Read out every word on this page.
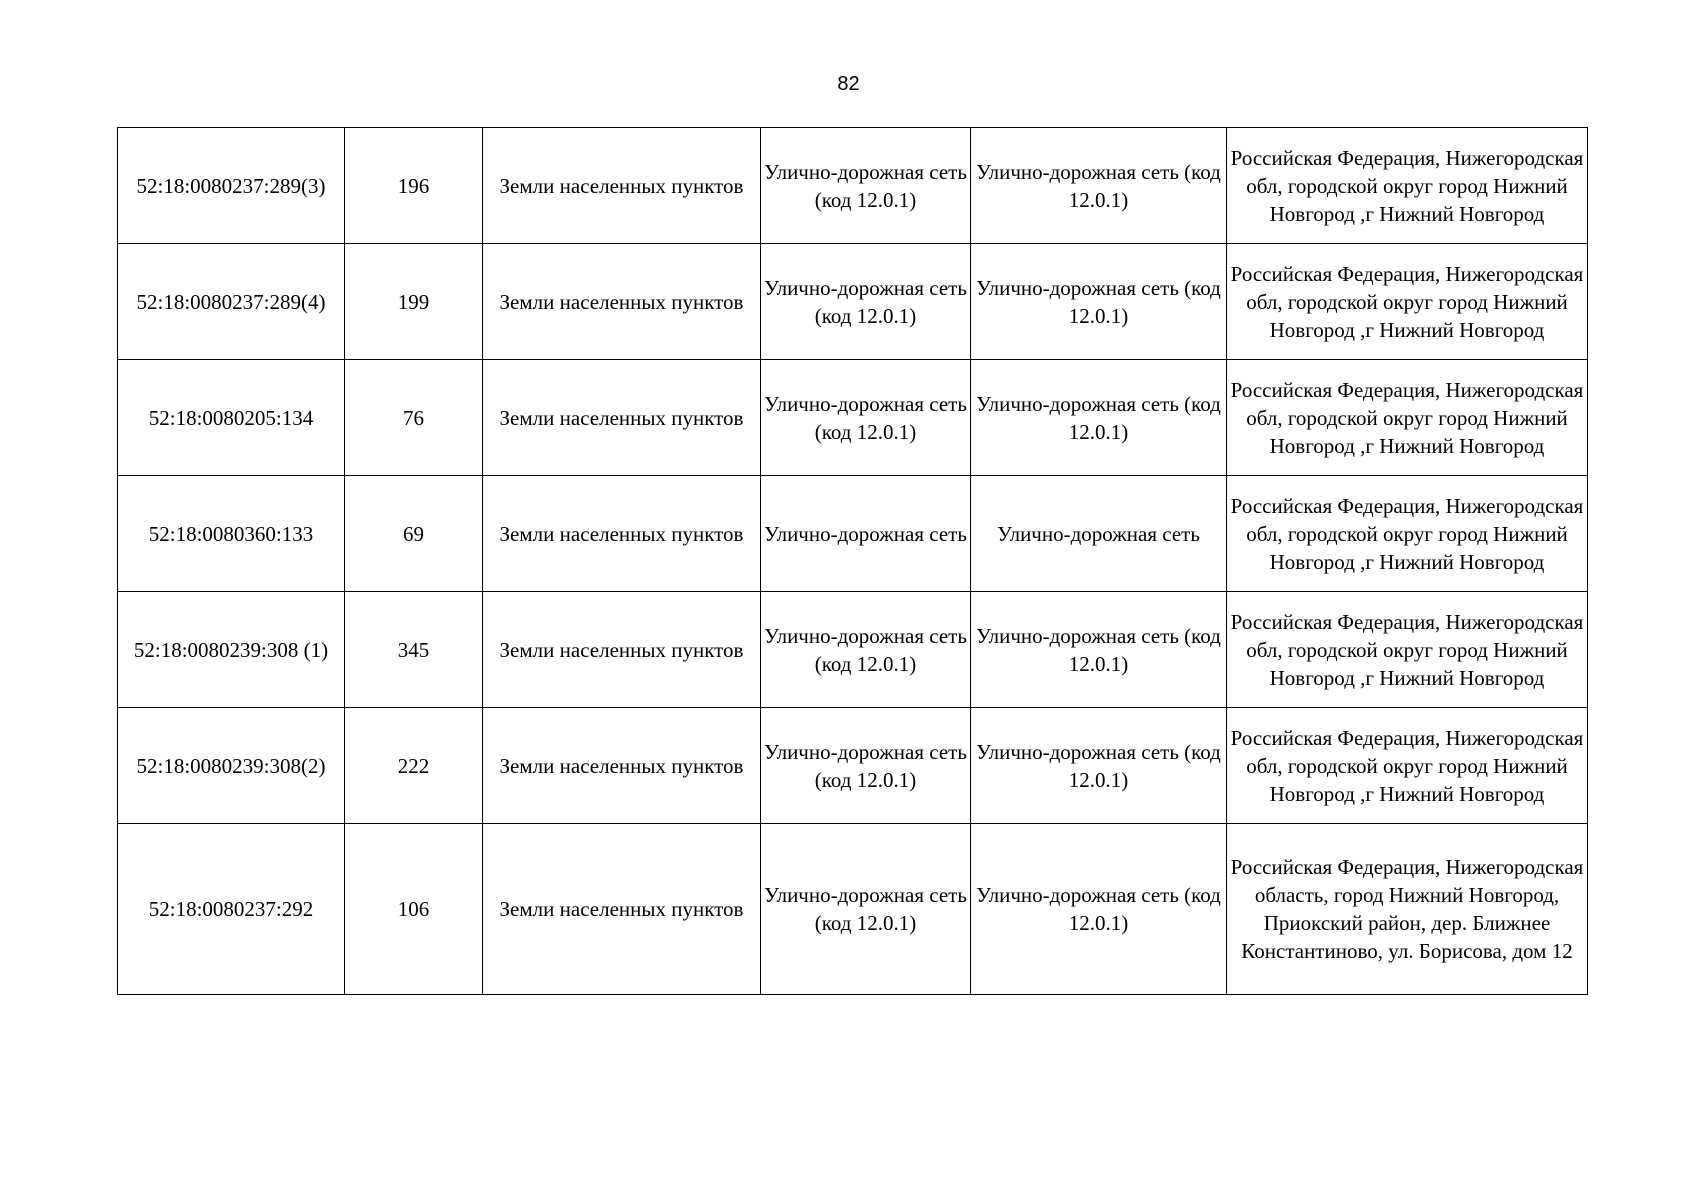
82
52:18:0080237:289(3)	196	Земли населенных пунктов	Улично-дорожная сеть (код 12.0.1)	Улично-дорожная сеть (код 12.0.1)	Российская Федерация, Нижегородская обл, городской округ город Нижний Новгород ,г Нижний Новгород
52:18:0080237:289(4)	199	Земли населенных пунктов	Улично-дорожная сеть (код 12.0.1)	Улично-дорожная сеть (код 12.0.1)	Российская Федерация, Нижегородская обл, городской округ город Нижний Новгород ,г Нижний Новгород
52:18:0080205:134	76	Земли населенных пунктов	Улично-дорожная сеть (код 12.0.1)	Улично-дорожная сеть (код 12.0.1)	Российская Федерация, Нижегородская обл, городской округ город Нижний Новгород ,г Нижний Новгород
52:18:0080360:133	69	Земли населенных пунктов	Улично-дорожная сеть	Улично-дорожная сеть	Российская Федерация, Нижегородская обл, городской округ город Нижний Новгород ,г Нижний Новгород
52:18:0080239:308 (1)	345	Земли населенных пунктов	Улично-дорожная сеть (код 12.0.1)	Улично-дорожная сеть (код 12.0.1)	Российская Федерация, Нижегородская обл, городской округ город Нижний Новгород ,г Нижний Новгород
52:18:0080239:308(2)	222	Земли населенных пунктов	Улично-дорожная сеть (код 12.0.1)	Улично-дорожная сеть (код 12.0.1)	Российская Федерация, Нижегородская обл, городской округ город Нижний Новгород ,г Нижний Новгород
52:18:0080237:292	106	Земли населенных пунктов	Улично-дорожная сеть (код 12.0.1)	Улично-дорожная сеть (код 12.0.1)	Российская Федерация, Нижегородская область, город Нижний Новгород, Приокский район, дер. Ближнее Константиново, ул. Борисова, дом 12
